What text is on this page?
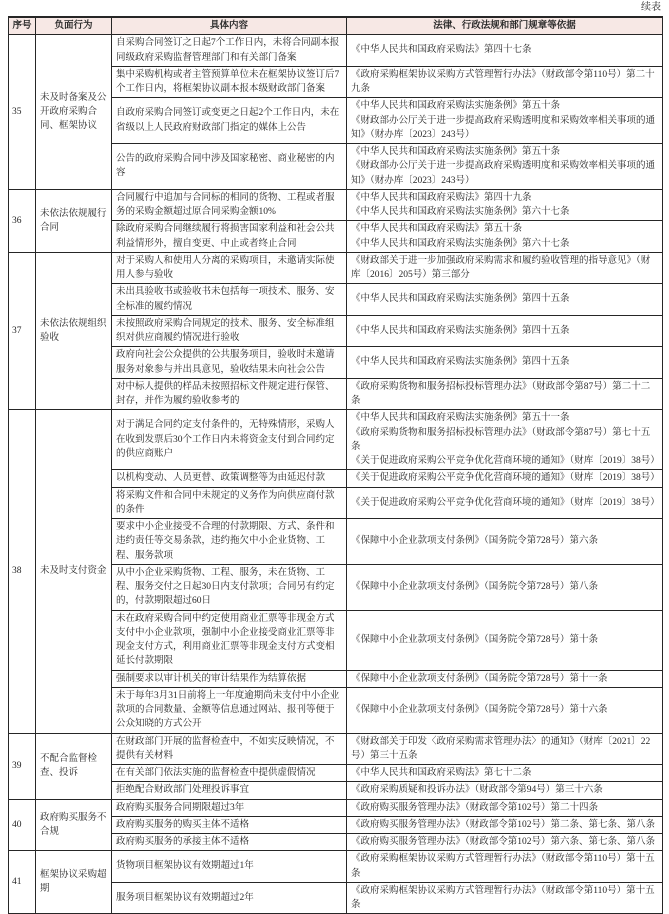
续表
序号	负面行为	具体内容	法律、行政法规和部门规章等依据
35	未及时备案及公开政府采购合同、框架协议	自采购合同签订之日起7个工作日内，未将合同副本报同级政府采购监督管理部门和有关部门备案	《中华人民共和国政府采购法》第四十七条

		集中采购机构或者主管预算单位未在框架协议签订后7个工作日内，将框架协议副本报本级财政部门备案	《政府采购框架协议采购方式管理暂行办法》（财政部令第110号）第二十九条

		自政府采购合同签订或变更之日起2个工作日内，未在省级以上人民政府财政部门指定的媒体上公告	《中华人民共和国政府采购法实施条例》第五十条
《财政部办公厅关于进一步提高政府采购透明度和采购效率相关事项的通知》（财办库〔2023〕243号）

		公告的政府采购合同中涉及国家秘密、商业秘密的内容	《中华人民共和国政府采购法实施条例》第五十条
《财政部办公厅关于进一步提高政府采购透明度和采购效率相关事项的通知》（财办库〔2023〕243号）

36	未依法依规履行合同	合同履行中追加与合同标的相同的货物、工程或者服务的采购金额超过原合同采购金额10%	《中华人民共和国政府采购法》第四十九条
《中华人民共和国政府采购法实施条例》第六十七条

		除政府采购合同继续履行将损害国家利益和社会公共利益情形外，擅自变更、中止或者终止合同	《中华人民共和国政府采购法》第五十条
《中华人民共和国政府采购法实施条例》第六十七条

37	未依法依规组织验收	对于采购人和使用人分离的采购项目，未邀请实际使用人参与验收	《财政部关于进一步加强政府采购需求和履约验收管理的指导意见》（财库〔2016〕205号）第三部分

		未出具验收书或验收书未包括每一项技术、服务、安全标准的履约情况	《中华人民共和国政府采购法实施条例》第四十五条

		未按照政府采购合同规定的技术、服务、安全标准组织对供应商履约情况进行验收	《中华人民共和国政府采购法实施条例》第四十五条

		政府向社会公众提供的公共服务项目，验收时未邀请服务对象参与并出具意见，验收结果未向社会公告	《中华人民共和国政府采购法实施条例》第四十五条

		对中标人提供的样品未按照招标文件规定进行保管、封存，并作为履约验收参考的	《政府采购货物和服务招标投标管理办法》（财政部令第87号）第二十二条

38	未及时支付资金	对于满足合同约定支付条件的，无特殊情形，采购人在收到发票后30个工作日内未将资金支付到合同约定的供应商账户	《中华人民共和国政府采购法实施条例》第五十一条
《政府采购货物和服务招标投标管理办法》（财政部令第87号）第七十五条
《关于促进政府采购公平竞争优化营商环境的通知》（财库〔2019〕38号）

		以机构变动、人员更替、政策调整等为由延迟付款	《关于促进政府采购公平竞争优化营商环境的通知》（财库〔2019〕38号）

		将采购文件和合同中未规定的义务作为向供应商付款的条件	《关于促进政府采购公平竞争优化营商环境的通知》（财库〔2019〕38号）

		要求中小企业接受不合理的付款期限、方式、条件和违约责任等交易条款，违约拖欠中小企业货物、工程、服务款项	《保障中小企业款项支付条例》（国务院令第728号）第六条

		从中小企业采购货物、工程、服务，未在货物、工程、服务交付之日起30日内支付款项；合同另有约定的，付款期限超过60日	《保障中小企业款项支付条例》（国务院令第728号）第八条

		未在政府采购合同中约定使用商业汇票等非现金方式支付中小企业款项，强制中小企业接受商业汇票等非现金支付方式，利用商业汇票等非现金支付方式变相延长付款期限	《保障中小企业款项支付条例》（国务院令第728号）第十条

		强制要求以审计机关的审计结果作为结算依据	《保障中小企业款项支付条例》（国务院令第728号）第十一条

		未于每年3月31日前将上一年度逾期尚未支付中小企业款项的合同数量、金额等信息通过网站、报刊等便于公众知晓的方式公开	《保障中小企业款项支付条例》（国务院令第728号）第十六条

39	不配合监督检查、投诉	在财政部门开展的监督检查中，不如实反映情况，不提供有关材料	《财政部关于印发〈政府采购需求管理办法〉的通知》（财库〔2021〕22号）第三十五条

		在有关部门依法实施的监督检查中提供虚假情况	《中华人民共和国政府采购法》第七十二条

		拒绝配合财政部门处理投诉事宜	《政府采购质疑和投诉办法》（财政部令第94号）第三十六条

40	政府购买服务不合规	政府购买服务合同期限超过3年	《政府购买服务管理办法》（财政部令第102号）第二十四条

		政府购买服务的购买主体不适格	《政府购买服务管理办法》（财政部令第102号）第二条、第七条、第八条

		政府购买服务的承接主体不适格	《政府购买服务管理办法》（财政部令第102号）第六条、第七条、第八条

41	框架协议采购超期	货物项目框架协议有效期超过1年	《政府采购框架协议采购方式管理暂行办法》（财政部令第110号）第十五条

		服务项目框架协议有效期超过2年	《政府采购框架协议采购方式管理暂行办法》（财政部令第110号）第十五条
